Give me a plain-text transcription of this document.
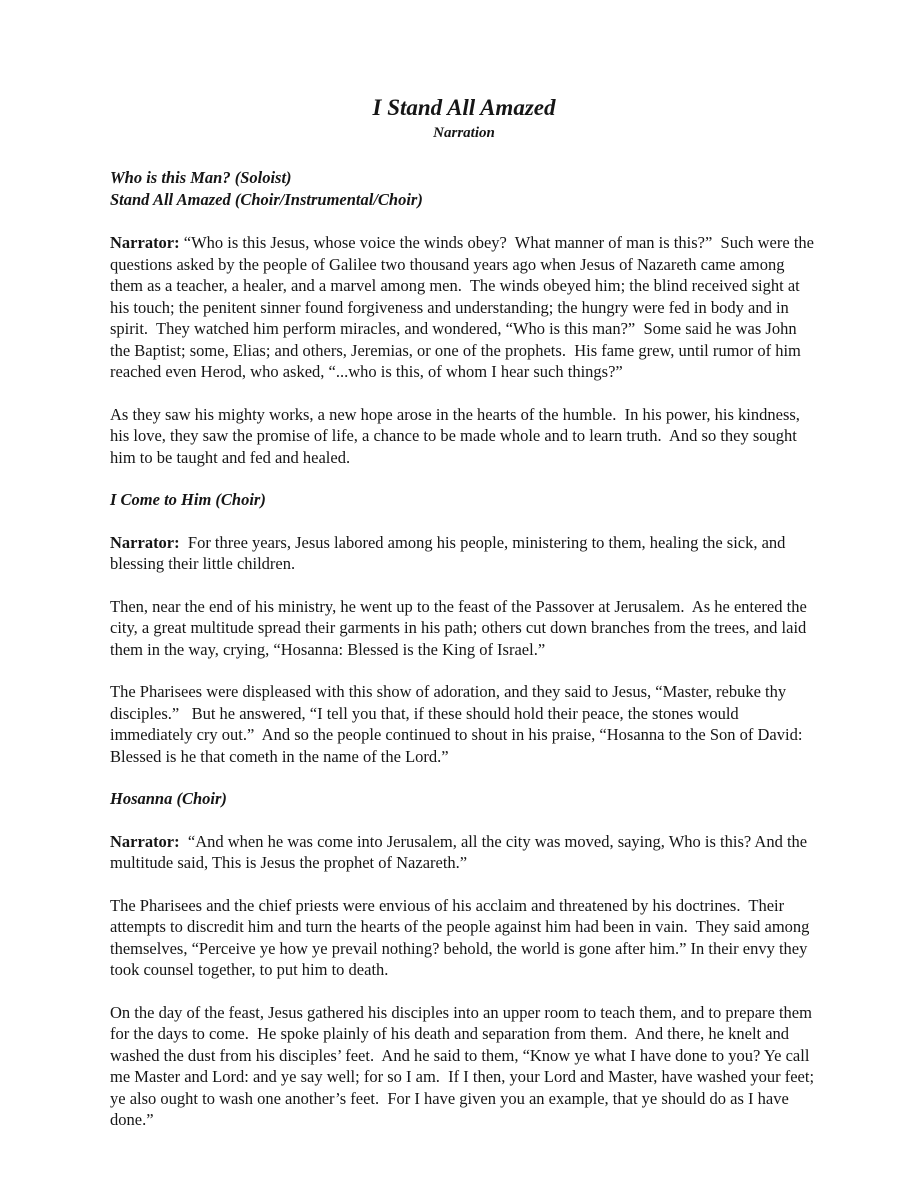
I Stand All Amazed
Narration
Who is this Man? (Soloist)
Stand All Amazed (Choir/Instrumental/Choir)

Narrator: “Who is this Jesus, whose voice the winds obey?  What manner of man is this?”  Such were the questions asked by the people of Galilee two thousand years ago when Jesus of Nazareth came among them as a teacher, a healer, and a marvel among men.  The winds obeyed him; the blind received sight at his touch; the penitent sinner found forgiveness and understanding; the hungry were fed in body and in spirit.  They watched him perform miracles, and wondered, “Who is this man?”  Some said he was John the Baptist; some, Elias; and others, Jeremias, or one of the prophets.  His fame grew, until rumor of him reached even Herod, who asked, “...who is this, of whom I hear such things?”

As they saw his mighty works, a new hope arose in the hearts of the humble.  In his power, his kindness, his love, they saw the promise of life, a chance to be made whole and to learn truth.  And so they sought him to be taught and fed and healed.

I Come to Him (Choir)

Narrator:  For three years, Jesus labored among his people, ministering to them, healing the sick, and blessing their little children.

Then, near the end of his ministry, he went up to the feast of the Passover at Jerusalem.  As he entered the city, a great multitude spread their garments in his path; others cut down branches from the trees, and laid them in the way, crying, “Hosanna: Blessed is the King of Israel.”

The Pharisees were displeased with this show of adoration, and they said to Jesus, “Master, rebuke thy disciples.”   But he answered, “I tell you that, if these should hold their peace, the stones would immediately cry out.”  And so the people continued to shout in his praise, “Hosanna to the Son of David: Blessed is he that cometh in the name of the Lord.”

Hosanna (Choir)

Narrator:  “And when he was come into Jerusalem, all the city was moved, saying, Who is this? And the multitude said, This is Jesus the prophet of Nazareth.”

The Pharisees and the chief priests were envious of his acclaim and threatened by his doctrines.  Their attempts to discredit him and turn the hearts of the people against him had been in vain.  They said among themselves, “Perceive ye how ye prevail nothing? behold, the world is gone after him.” In their envy they took counsel together, to put him to death.

On the day of the feast, Jesus gathered his disciples into an upper room to teach them, and to prepare them for the days to come.  He spoke plainly of his death and separation from them.  And there, he knelt and washed the dust from his disciples’ feet.  And he said to them, “Know ye what I have done to you? Ye call me Master and Lord: and ye say well; for so I am.  If I then, your Lord and Master, have washed your feet; ye also ought to wash one another’s feet.  For I have given you an example, that ye should do as I have done.”
